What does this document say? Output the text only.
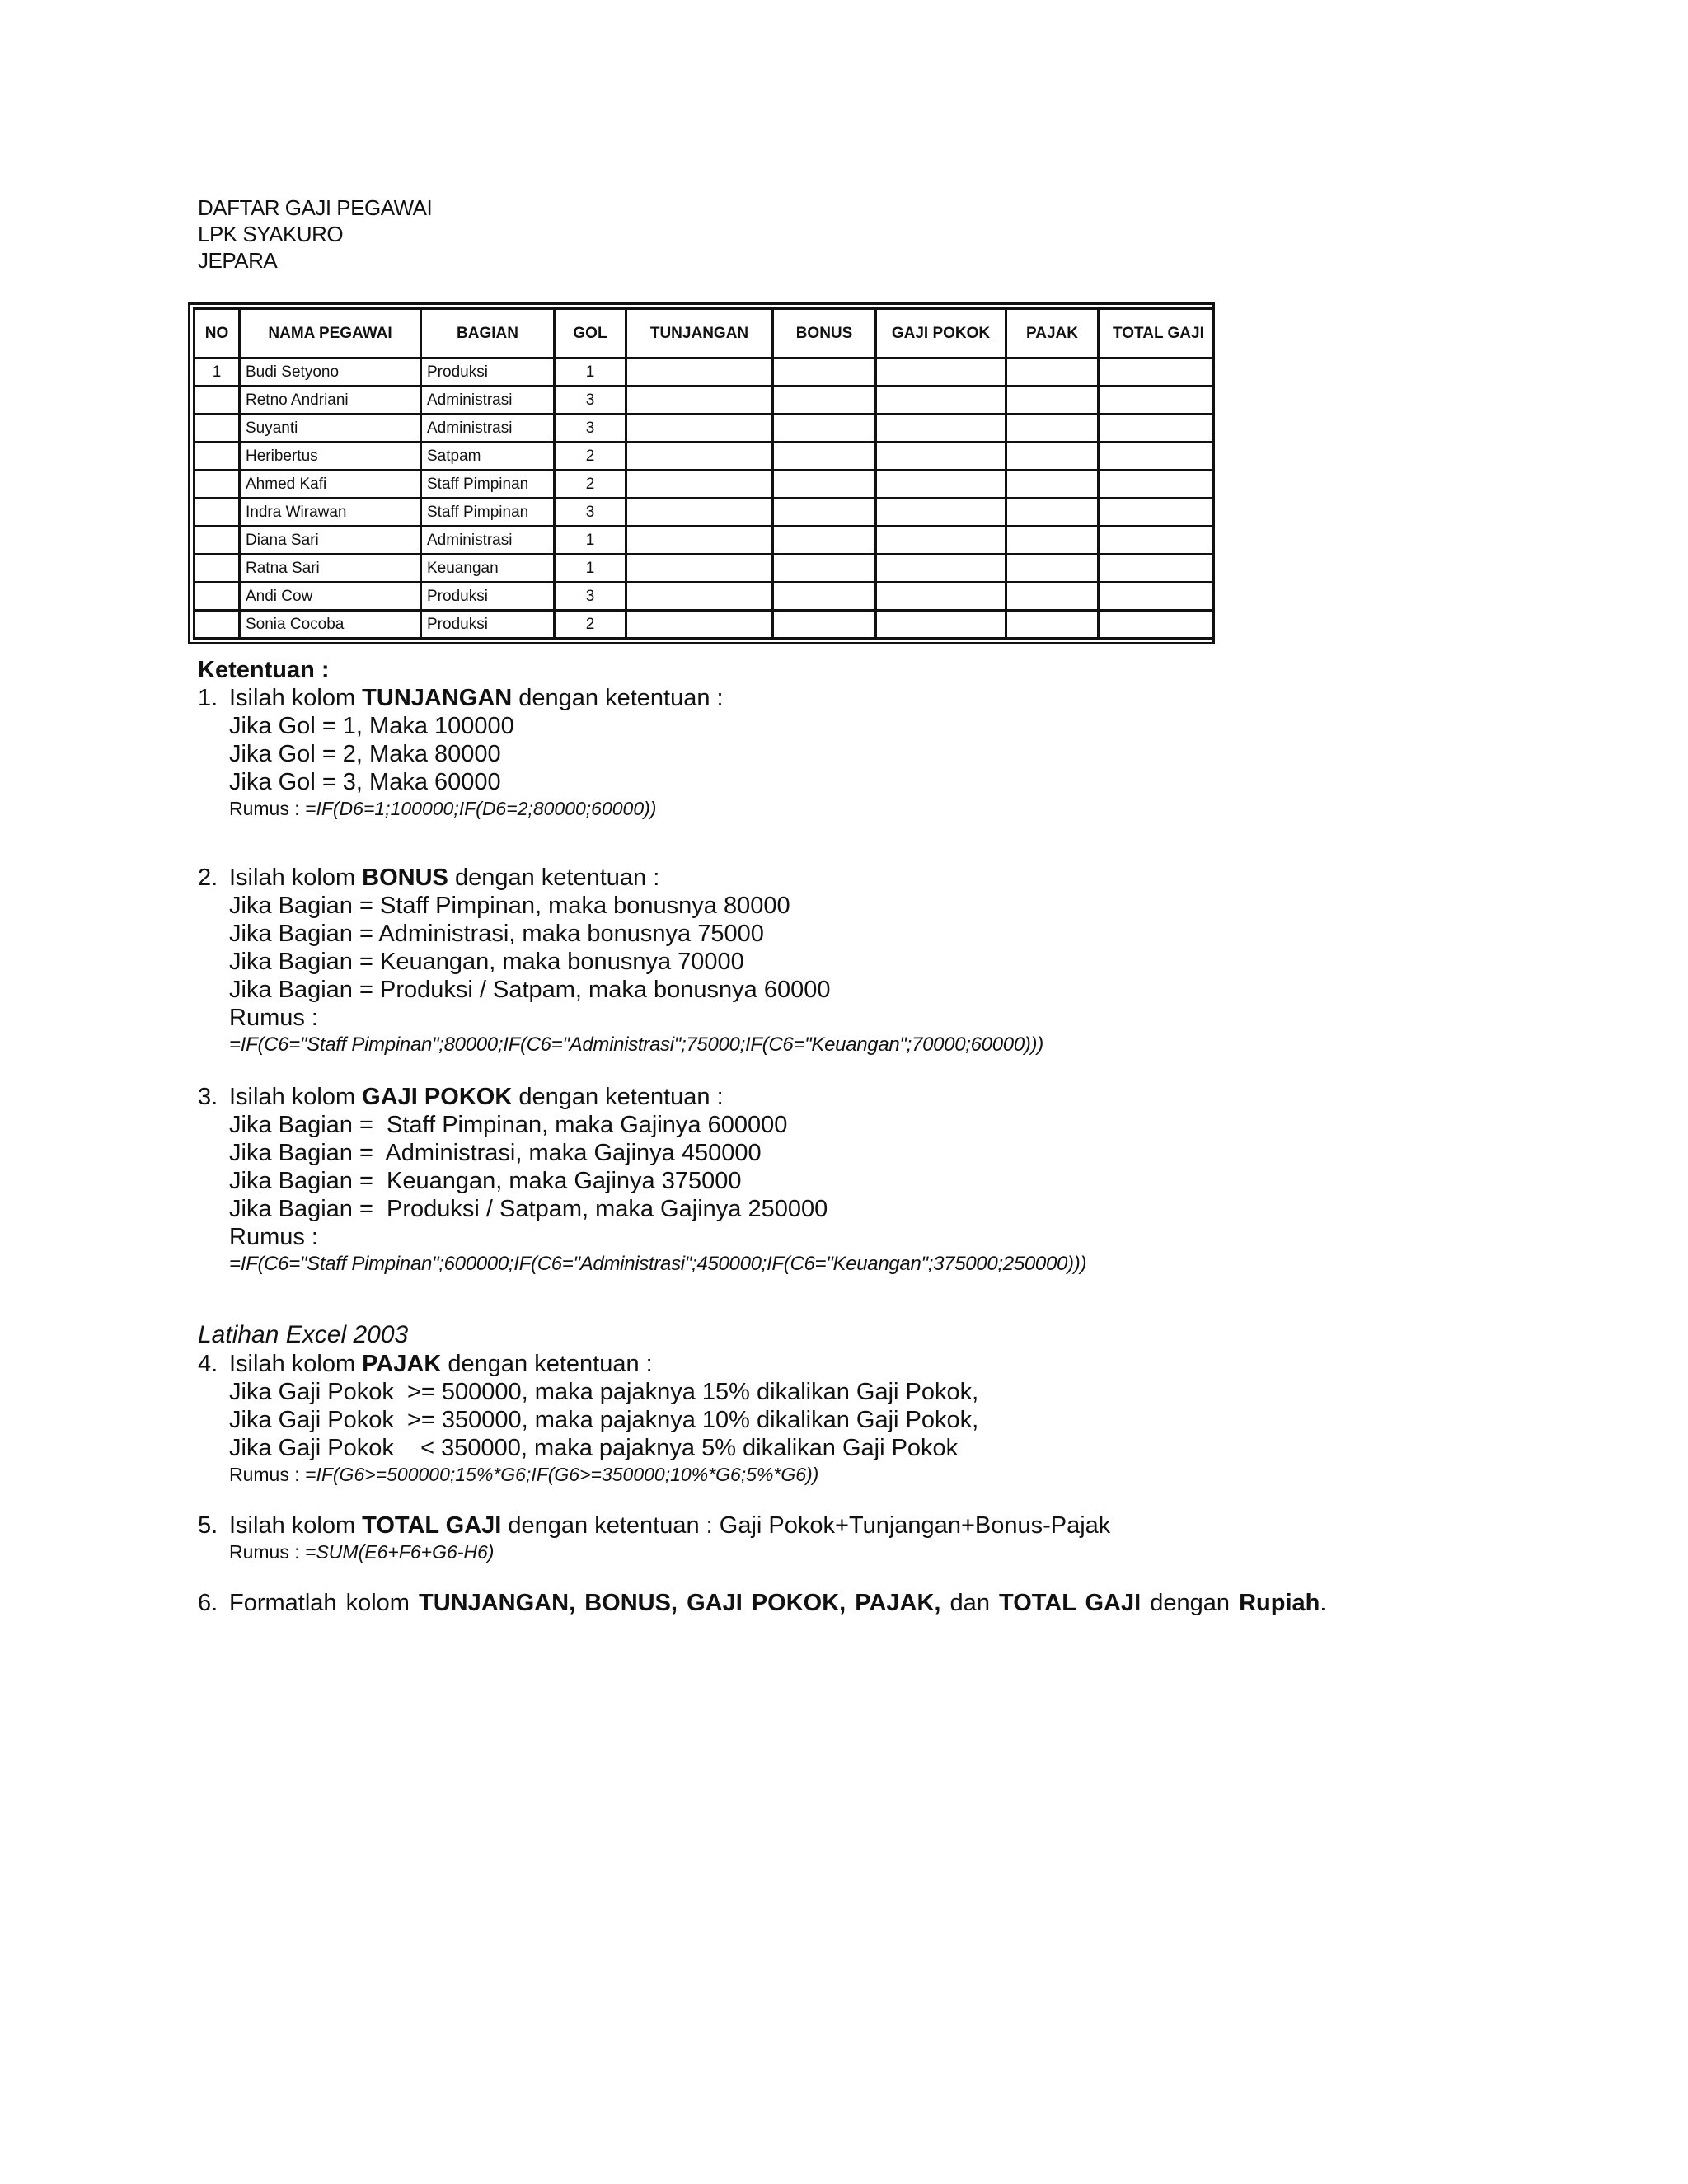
DAFTAR GAJI PEGAWAI
LPK SYAKURO
JEPARA
NO	NAMA PEGAWAI	BAGIAN	GOL	TUNJANGAN	BONUS	GAJI POKOK	PAJAK	TOTAL GAJI
1	Budi Setyono	Produksi	1					
	Retno Andriani	Administrasi	3					
	Suyanti	Administrasi	3					
	Heribertus	Satpam	2					
	Ahmed Kafi	Staff Pimpinan	2					
	Indra Wirawan	Staff Pimpinan	3					
	Diana Sari	Administrasi	1					
	Ratna Sari	Keuangan	1					
	Andi Cow	Produksi	3					
	Sonia Cocoba	Produksi	2					
Ketentuan :
1. Isilah kolom TUNJANGAN dengan ketentuan :
Jika Gol = 1, Maka 100000
Jika Gol = 2, Maka 80000
Jika Gol = 3, Maka 60000
Rumus : =IF(D6=1;100000;IF(D6=2;80000;60000))
2. Isilah kolom BONUS dengan ketentuan :
Jika Bagian = Staff Pimpinan, maka bonusnya 80000
Jika Bagian = Administrasi, maka bonusnya 75000
Jika Bagian = Keuangan, maka bonusnya 70000
Jika Bagian = Produksi / Satpam, maka bonusnya 60000
Rumus :
=IF(C6="Staff Pimpinan";80000;IF(C6="Administrasi";75000;IF(C6="Keuangan";70000;60000)))
3. Isilah kolom GAJI POKOK dengan ketentuan :
Jika Bagian =  Staff Pimpinan, maka Gajinya 600000
Jika Bagian =  Administrasi, maka Gajinya 450000
Jika Bagian =  Keuangan, maka Gajinya 375000
Jika Bagian =  Produksi / Satpam, maka Gajinya 250000
Rumus :
=IF(C6="Staff Pimpinan";600000;IF(C6="Administrasi";450000;IF(C6="Keuangan";375000;250000)))
Latihan Excel 2003
4. Isilah kolom PAJAK dengan ketentuan :
Jika Gaji Pokok  >= 500000, maka pajaknya 15% dikalikan Gaji Pokok,
Jika Gaji Pokok  >= 350000, maka pajaknya 10% dikalikan Gaji Pokok,
Jika Gaji Pokok    < 350000, maka pajaknya 5% dikalikan Gaji Pokok
Rumus : =IF(G6>=500000;15%*G6;IF(G6>=350000;10%*G6;5%*G6))
5. Isilah kolom TOTAL GAJI dengan ketentuan : Gaji Pokok+Tunjangan+Bonus-Pajak
Rumus : =SUM(E6+F6+G6-H6)
6. Formatlah kolom TUNJANGAN, BONUS, GAJI POKOK, PAJAK, dan TOTAL GAJI dengan Rupiah.
